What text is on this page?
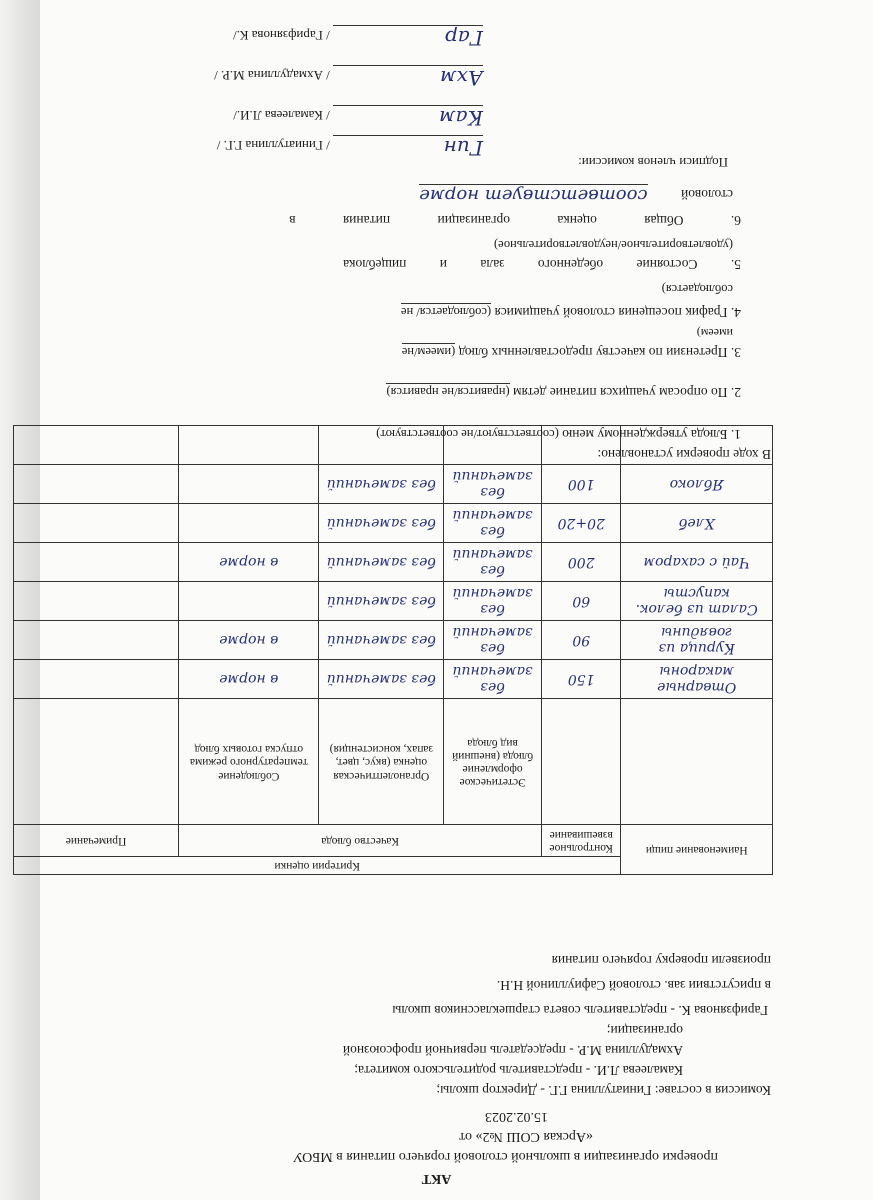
АКТ
проверки организации в школьной столовой горячего питания в МБОУ
«Арская СОШ №2» от
15.02.2023
Комиссия в составе: Гиниатуллина Г.Г. - Директор школы;
Камалеева Л.И. - представитель родительского комитета;
Ахмадуллина М.Р. - председатель первичной профсоюзной
организации;
Гарифзянова К. - представитель совета старшеклассников школы
в присутствии зав. столовой Сафиуллиной Н.Н.
произвели проверку горячего питания
Наименование пищи	Критерии оценки				
	Контрольное взвешивание	Качество блюда			Примечание
		Эстетическое оформление блюда (внешний вид блюда	Органолептическая оценка (вкус, цвет, запах, консистенция)	Соблюдение температурного режима отпуска готовых блюд	
Отварные макароны	150	без замечаний	без замечаний	в норме	
Курица из говядины	90	без замечаний	без замечаний	в норме	
Салат из белок. капусты	60	без замечаний	без замечаний		
Чай с сахаром	200	без замечаний	без замечаний	в норме	
Хлеб	20+20	без замечаний	без замечаний		
Яблоко	100	без замечаний	без замечаний		

В ходе проверки установлено:
1. Блюда утвержденному меню (соответствуют/не соответствуют)
2. По опросам учащихся питание детям (нравится/не нравится)
3. Претензии по качеству предоставленных блюд (имеем/не
имеем)
4. График посещения столовой учащимися (соблюдается/ не
соблюдается)
5. Состояние обеденного зала и пищеблока
(удовлетворительное/неудовлетворительное)
6. Общая оценка организации питания в
столовой соответствует норме
Подписи членов комиссии:
Гин / Гиниатуллина Г.Г. /
Кам / Камалеева Л.И./
Ахм / Ахмадуллина М.Р. /
Гар / Гарифзянова К./
